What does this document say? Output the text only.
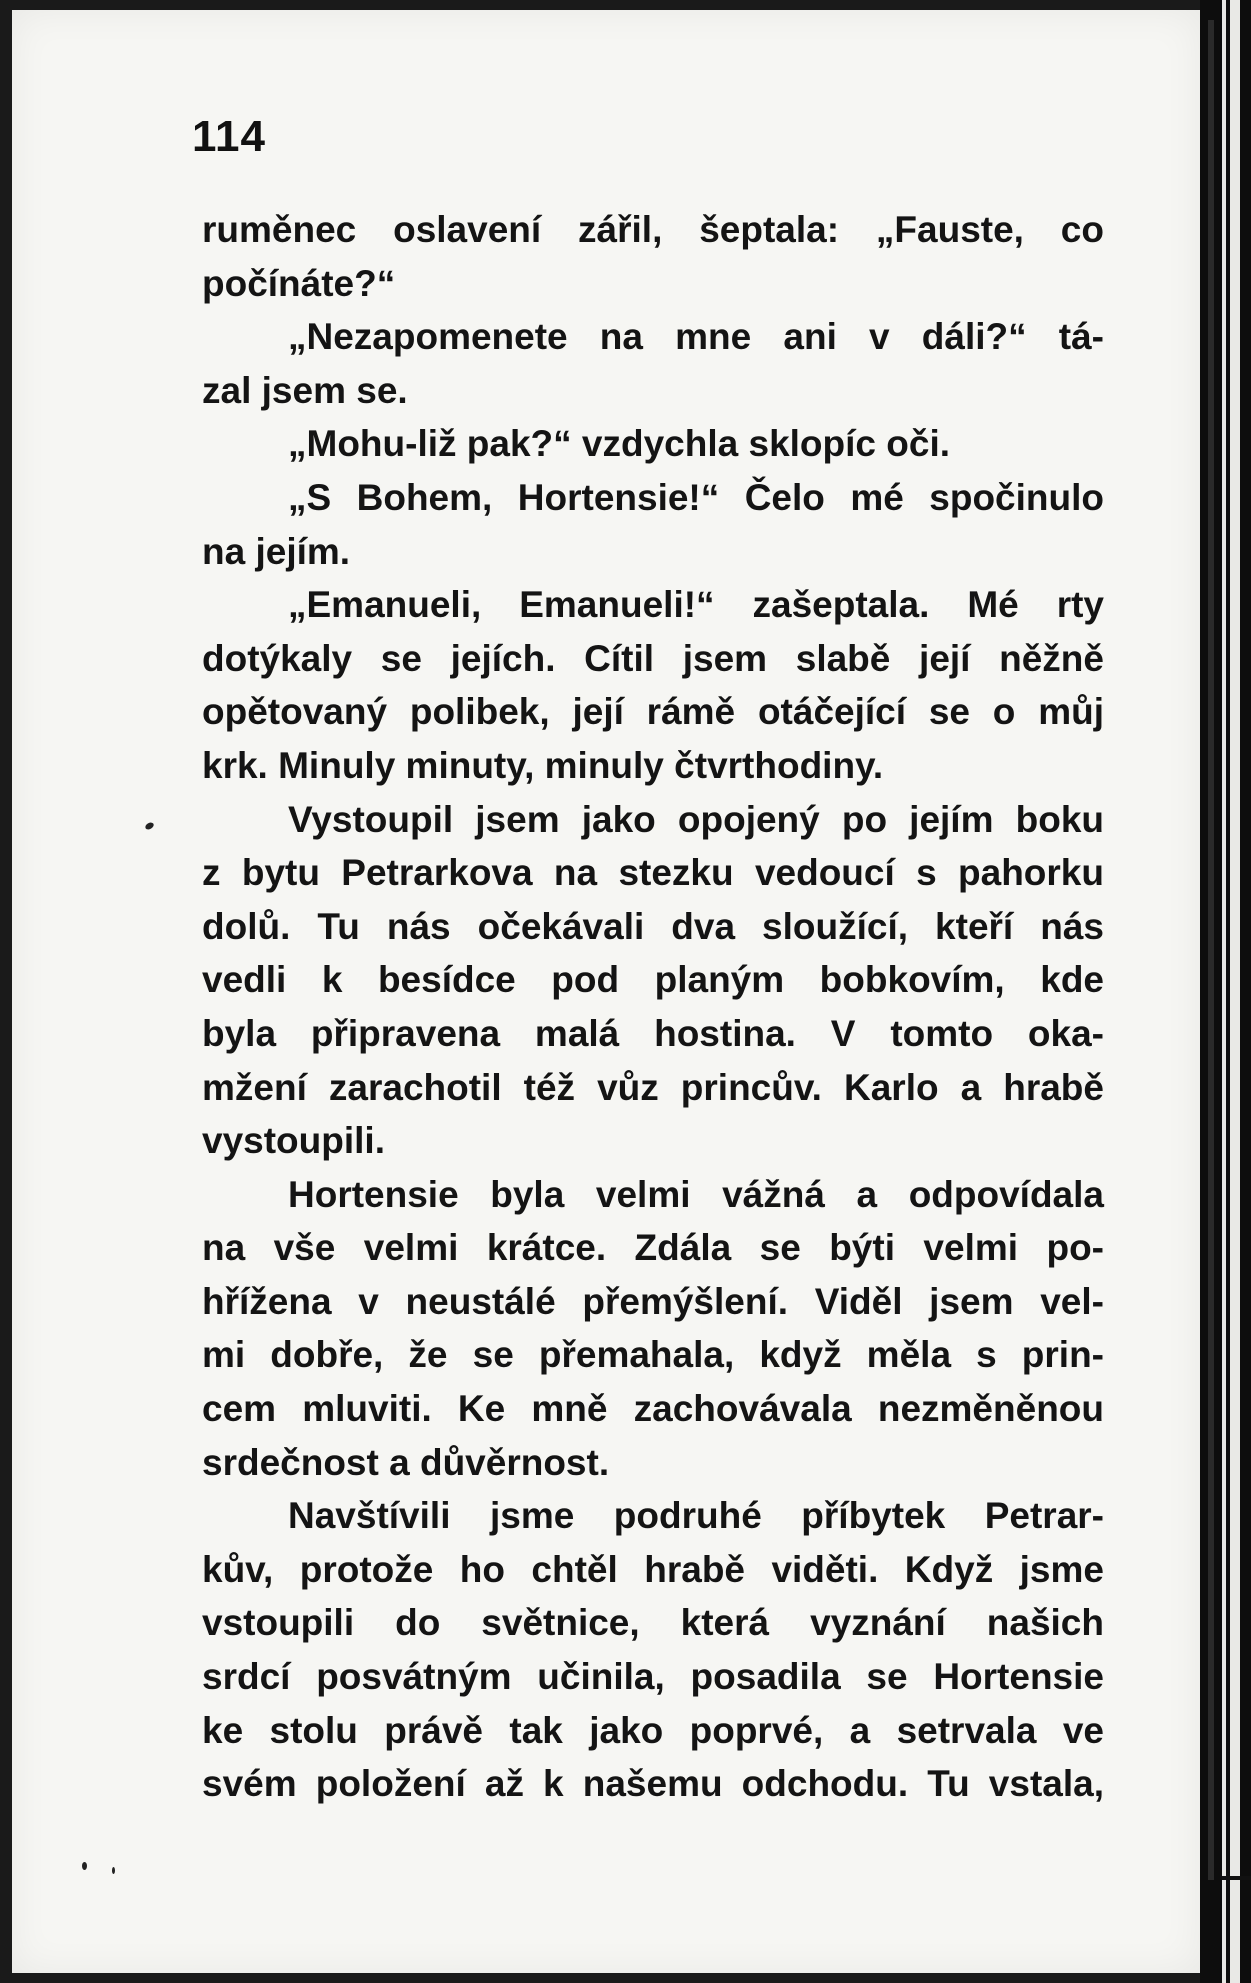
114
ruměnec oslavení zářil, šeptala: „Fauste, co
počínáte?“
„Nezapomenete na mne ani v dáli?“ tá-
zal jsem se.
„Mohu-liž pak?“ vzdychla sklopíc oči.
„S Bohem, Hortensie!“ Čelo mé spočinulo
na jejím.
„Emanueli, Emanueli!“ zašeptala. Mé rty
dotýkaly se jejích. Cítil jsem slabě její něžně
opětovaný polibek, její rámě otáčející se o můj
krk. Minuly minuty, minuly čtvrthodiny.
Vystoupil jsem jako opojený po jejím boku
z bytu Petrarkova na stezku vedoucí s pahorku
dolů. Tu nás očekávali dva sloužící, kteří nás
vedli k besídce pod planým bobkovím, kde
byla připravena malá hostina. V tomto oka-
mžení zarachotil též vůz princův. Karlo a hrabě
vystoupili.
Hortensie byla velmi vážná a odpovídala
na vše velmi krátce. Zdála se býti velmi po-
hřížena v neustálé přemýšlení. Viděl jsem vel-
mi dobře, že se přemahala, když měla s prin-
cem mluviti. Ke mně zachovávala nezměněnou
srdečnost a důvěrnost.
Navštívili jsme podruhé příbytek Petrar-
kův, protože ho chtěl hrabě viděti. Když jsme
vstoupili do světnice, která vyznání našich
srdcí posvátným učinila, posadila se Hortensie
ke stolu právě tak jako poprvé, a setrvala ve
svém položení až k našemu odchodu. Tu vstala,
